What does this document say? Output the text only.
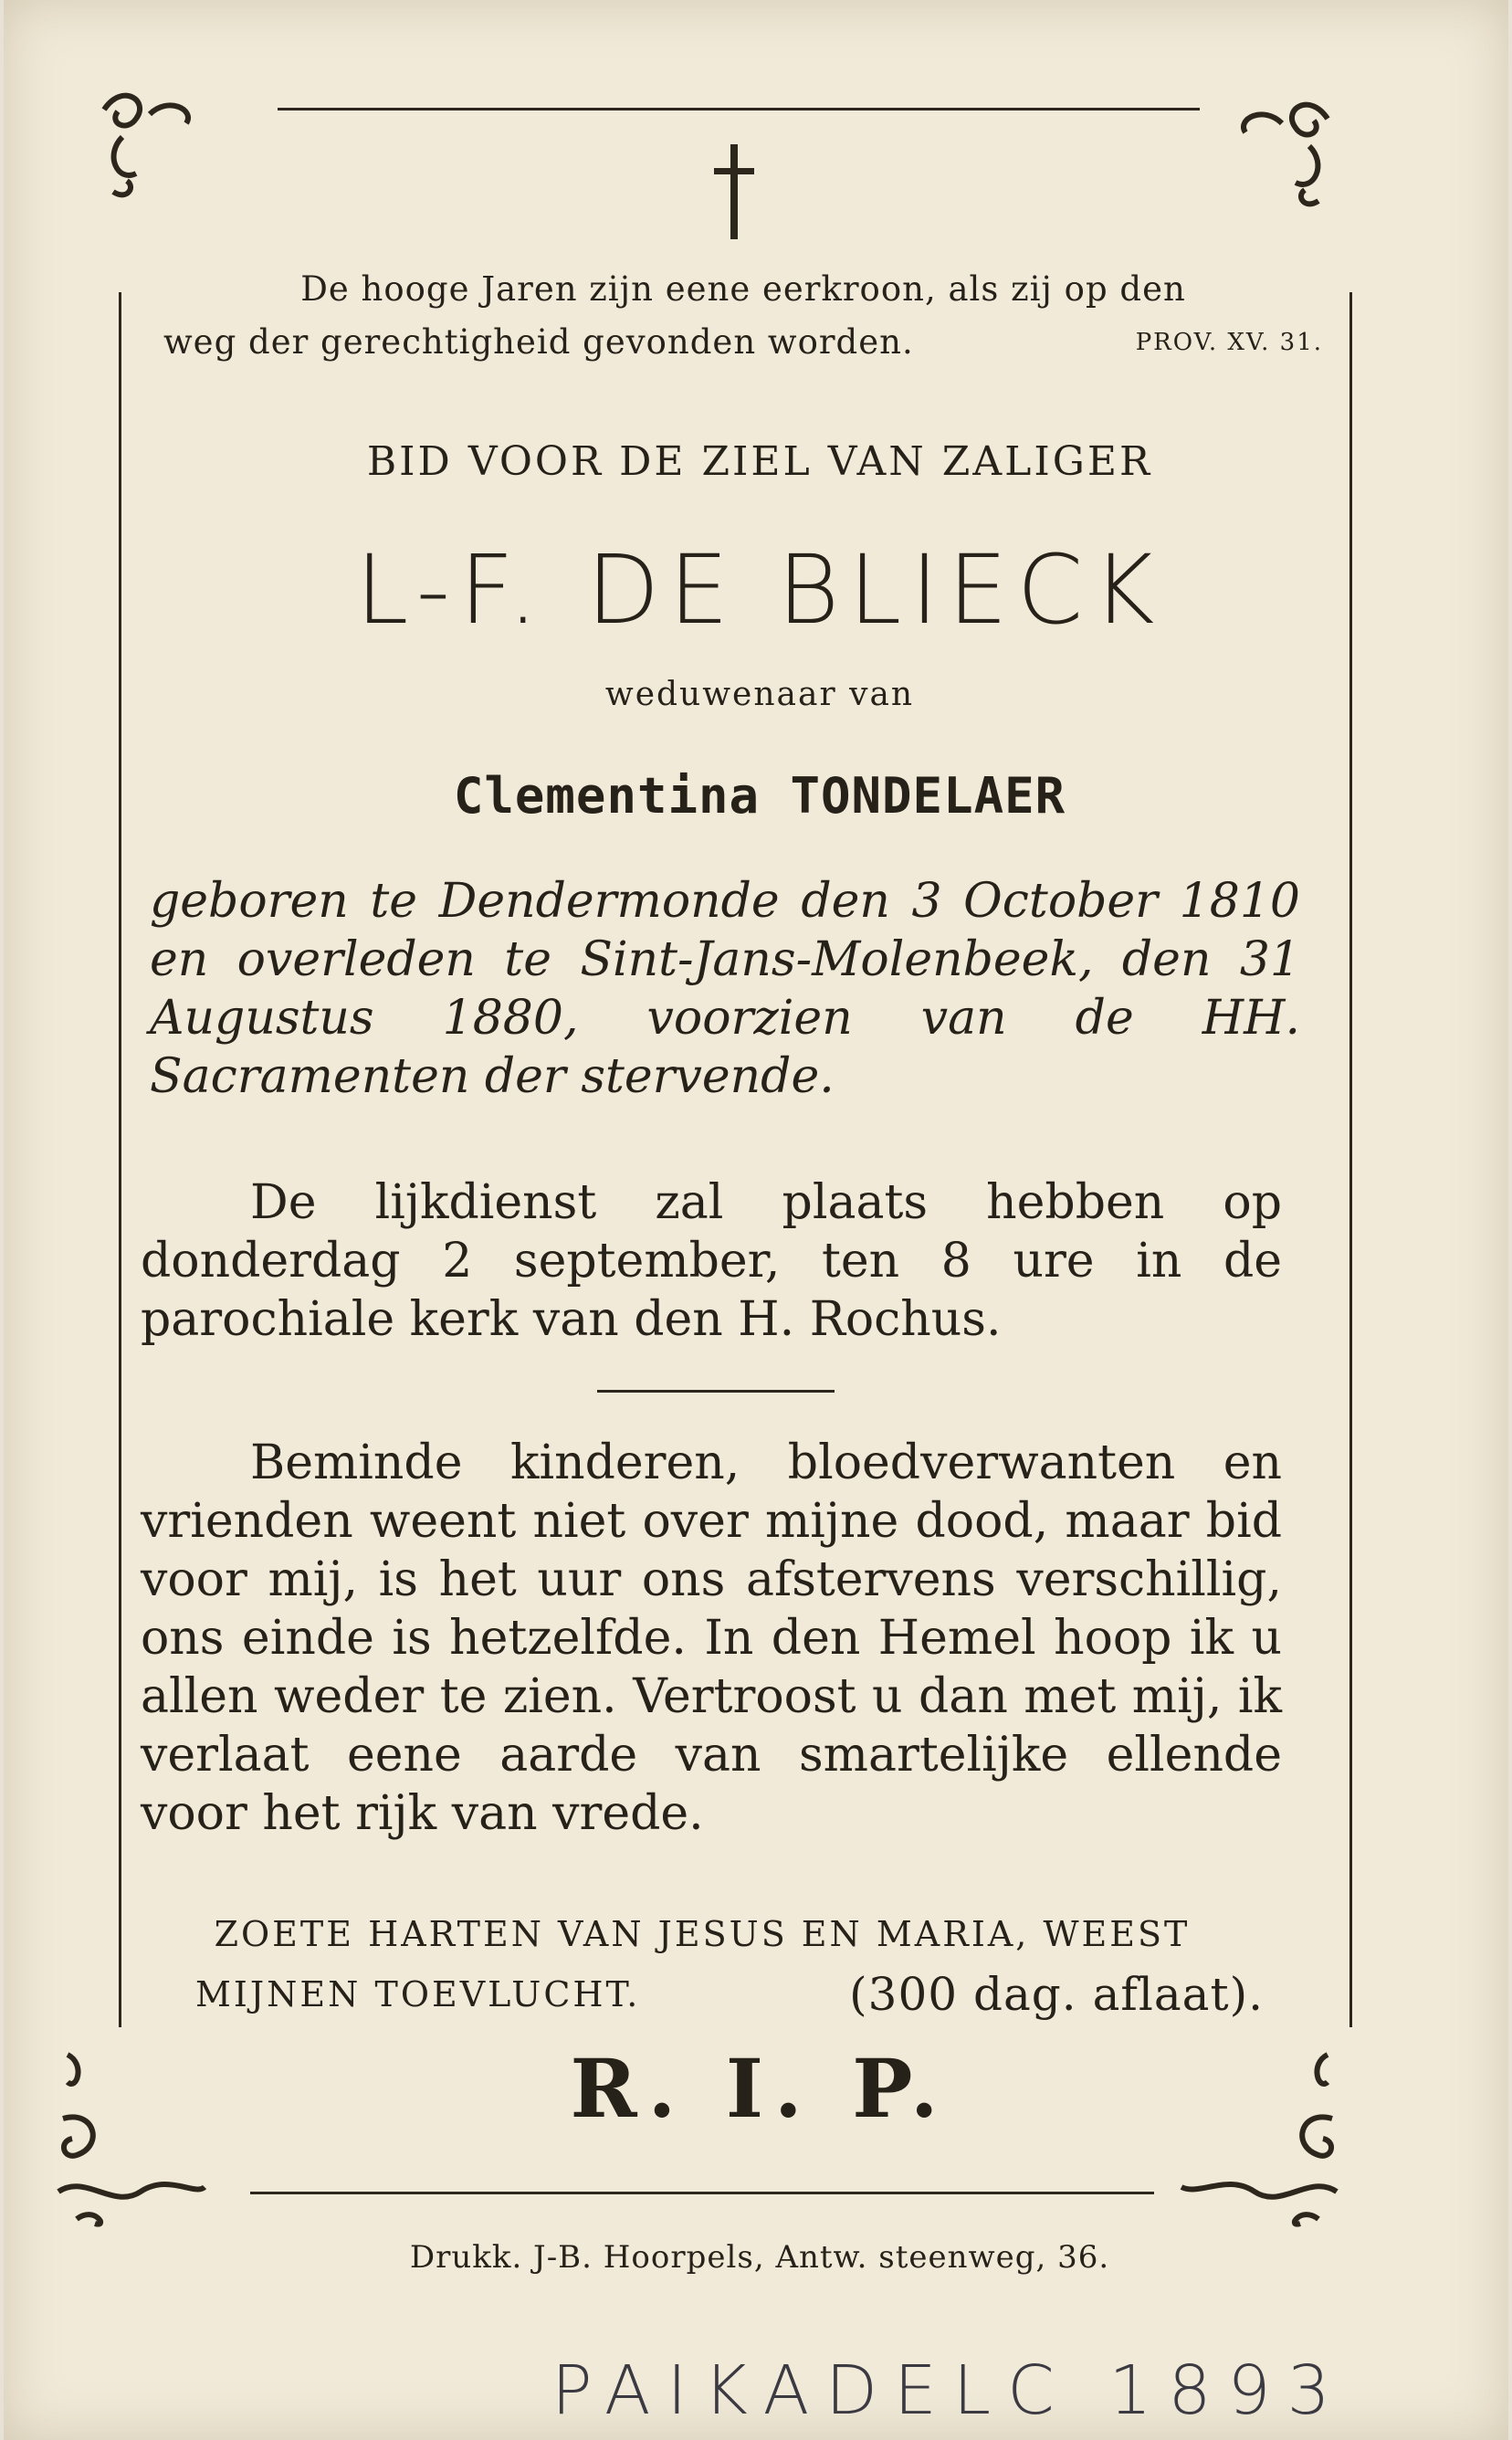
De hooge Jaren zijn eene eerkroon, als zij op den
weg der gerechtigheid gevonden worden.	PROV. XV. 31.
BID VOOR DE ZIEL VAN ZALIGER
L-F. DE BLIECK
weduwenaar van
Clementina TONDELAER
geboren te Dendermonde den 3 October 1810 en overleden te Sint-Jans-Molenbeek, den 31 Augustus 1880, voorzien van de HH. Sacramenten der stervende.

De lijkdienst zal plaats hebben op donderdag 2 september, ten 8 ure in de parochiale kerk van den H. Rochus.

Beminde kinderen, bloedverwanten en vrienden weent niet over mijne dood, maar bid voor mij, is het uur ons afstervens verschillig, ons einde is hetzelfde. In den Hemel hoop ik u allen weder te zien. Vertroost u dan met mij, ik verlaat eene aarde van smartelijke ellende voor het rijk van vrede.

ZOETE HARTEN VAN JESUS EN MARIA, WEEST
MIJNEN TOEVLUCHT.	(300 dag. aflaat).
R. I. P.
Drukk. J-B. Hoorpels, Antw. steenweg, 36.
PAIKADELC 1893
